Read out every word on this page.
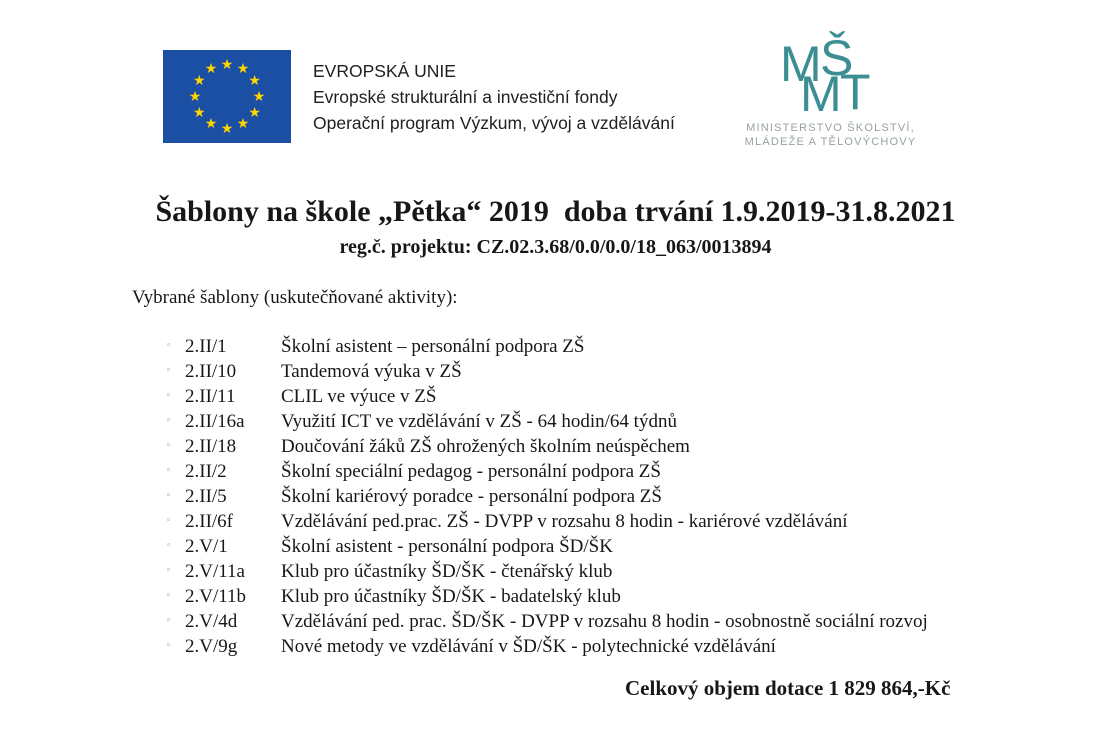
★ ★
★
★
★
★
★
★
★
★
★
★	EVROPSKÁ UNIE
Evropské strukturální a investiční fondy
Operační program Výzkum, vývoj a vzdělávání
M
Š
M
T
MINISTERSTVO ŠKOLSTVÍ,
MLÁDEŽE A TĚLOVÝCHOVY
Šablony na škole „Pětka“ 2019  doba trvání 1.9.2019-31.8.2021
reg.č. projektu: CZ.02.3.68/0.0/0.0/18_063/0013894
Vybrané šablony (uskutečňované aktivity):
◦ 2.II/1	Školní asistent – personální podpora ZŠ
◦ 2.II/10	Tandemová výuka v ZŠ
◦ 2.II/11	CLIL ve výuce v ZŠ
◦ 2.II/16a	Využití ICT ve vzdělávání v ZŠ - 64 hodin/64 týdnů
◦ 2.II/18	Doučování žáků ZŠ ohrožených školním neúspěchem
◦ 2.II/2	Školní speciální pedagog - personální podpora ZŠ
◦ 2.II/5	Školní kariérový poradce - personální podpora ZŠ
◦ 2.II/6f	Vzdělávání ped.prac. ZŠ - DVPP v rozsahu 8 hodin - kariérové vzdělávání
◦ 2.V/1	Školní asistent - personální podpora ŠD/ŠK
◦ 2.V/11a	Klub pro účastníky ŠD/ŠK - čtenářský klub
◦ 2.V/11b	Klub pro účastníky ŠD/ŠK - badatelský klub
◦ 2.V/4d	Vzdělávání ped. prac. ŠD/ŠK - DVPP v rozsahu 8 hodin - osobnostně sociální rozvoj
◦ 2.V/9g	Nové metody ve vzdělávání v ŠD/ŠK - polytechnické vzdělávání
Celkový objem dotace 1 829 864,-Kč
